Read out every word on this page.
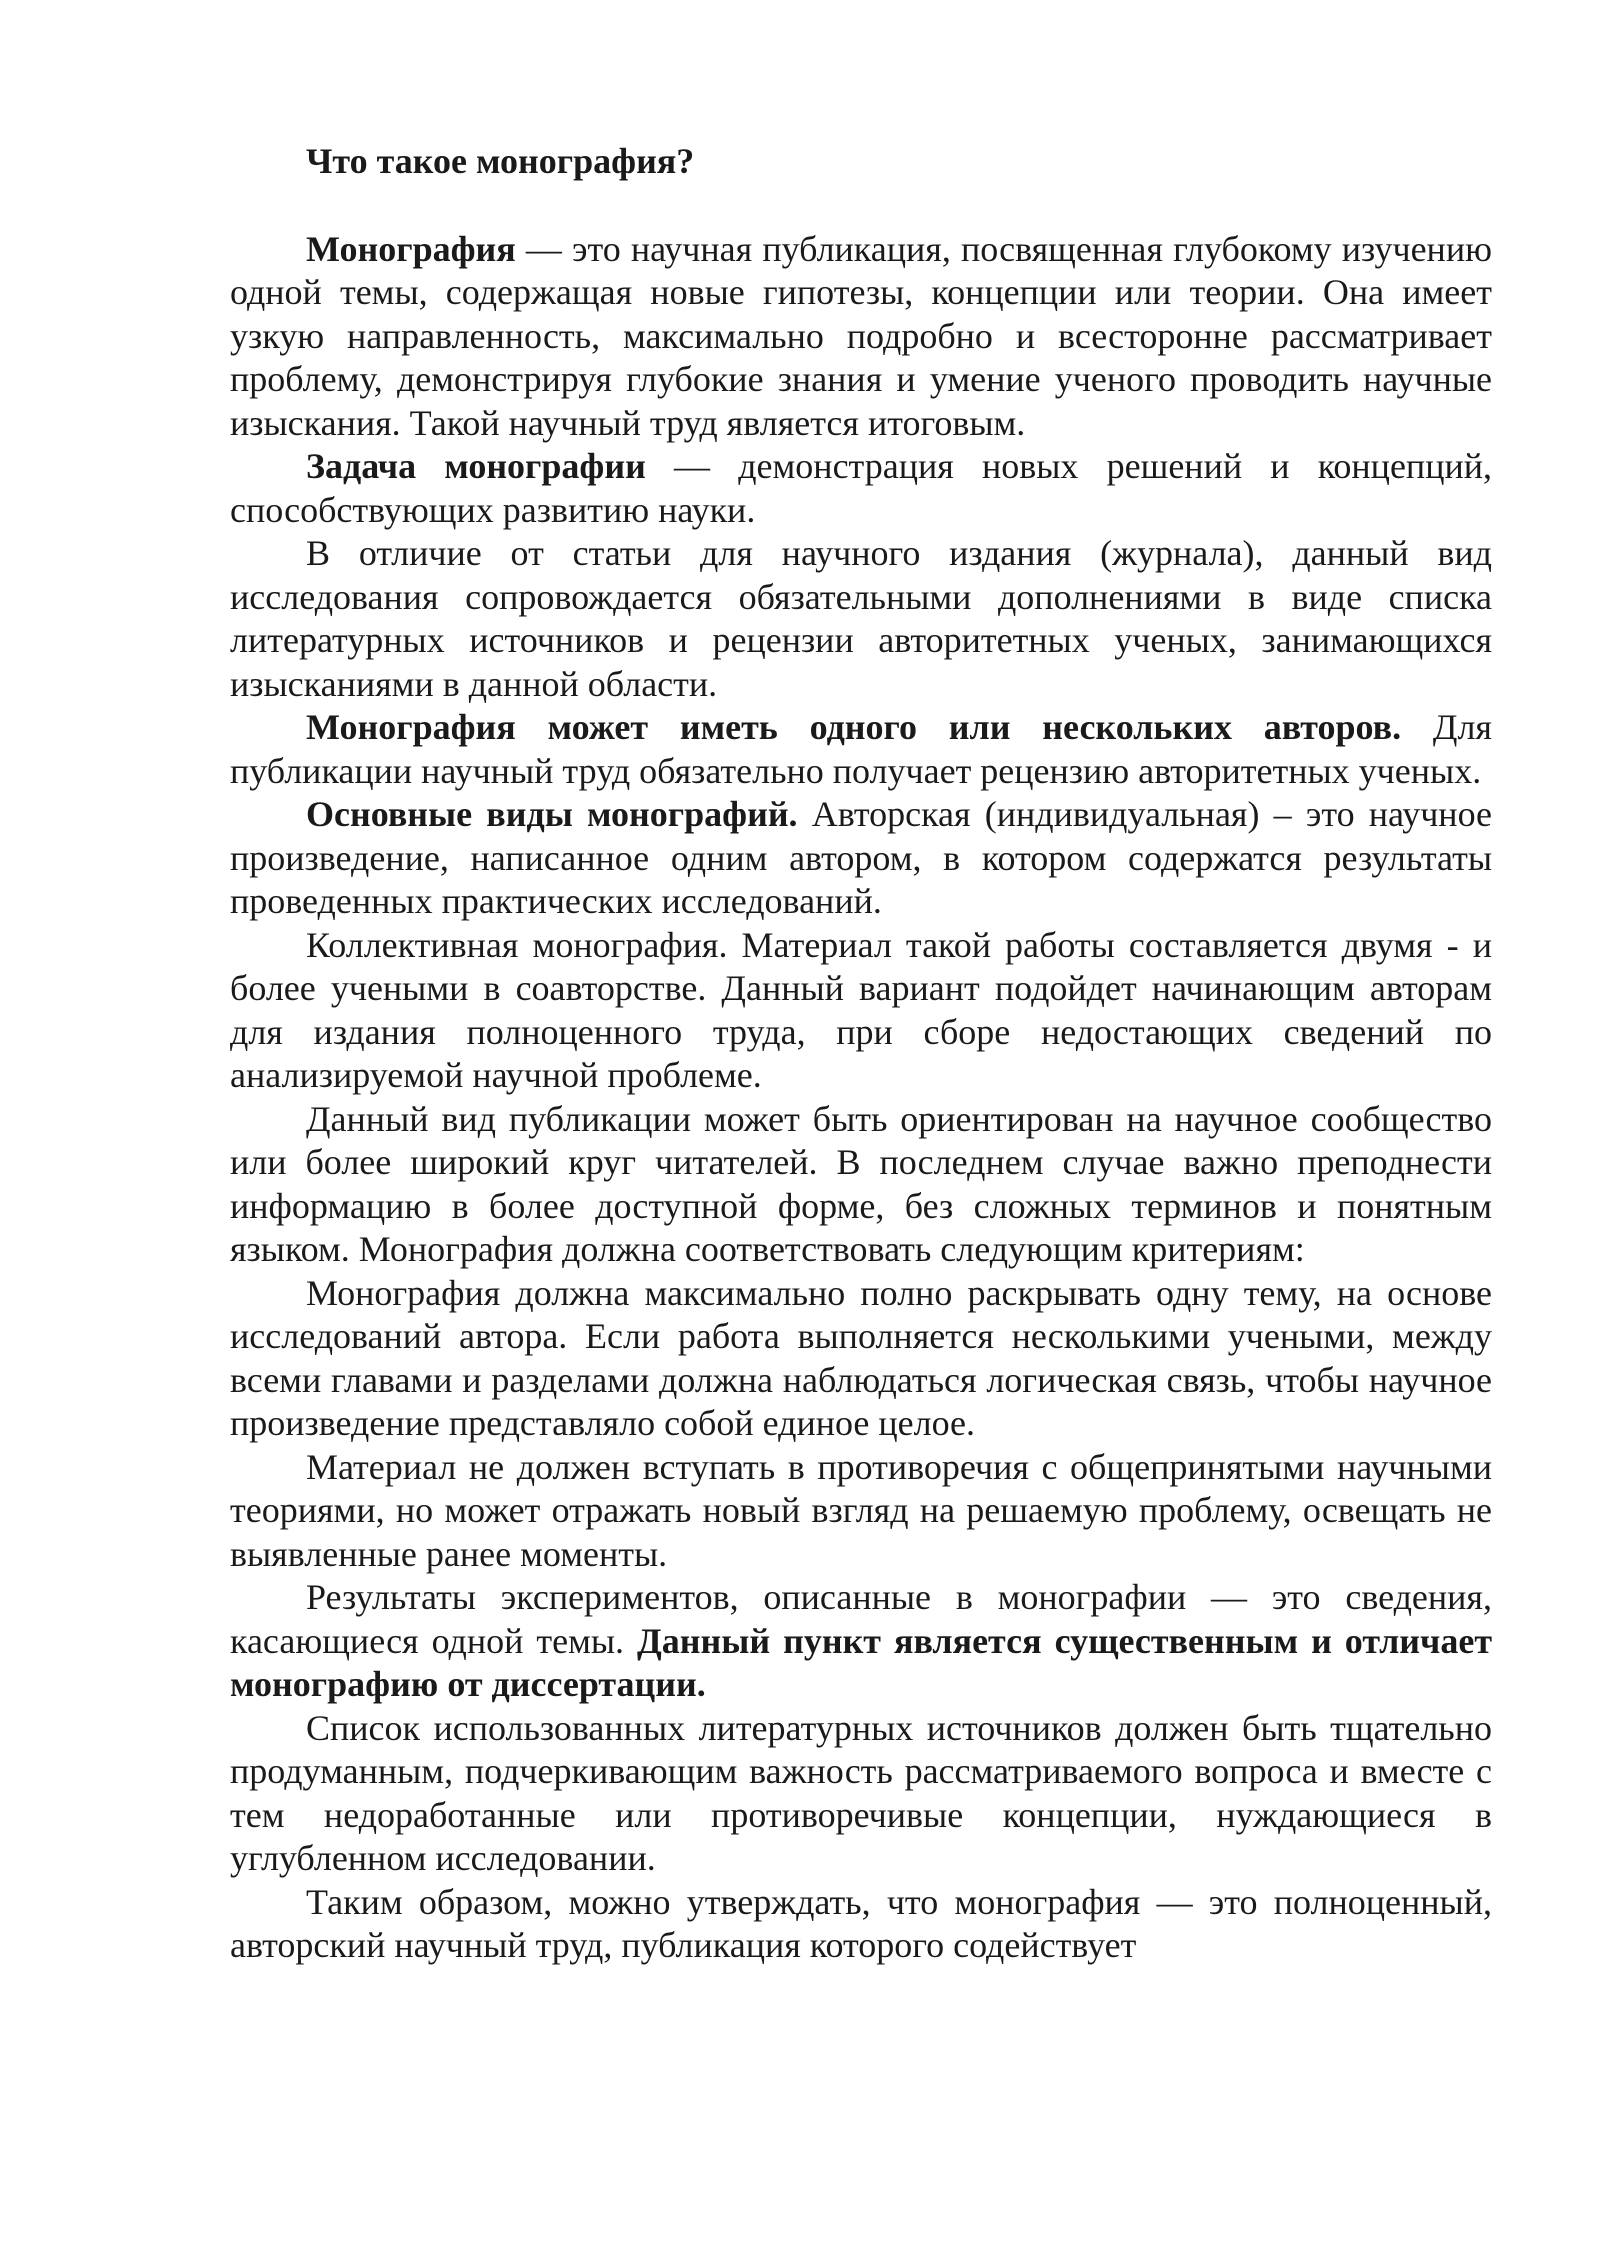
Что такое монография?

Монография — это научная публикация, посвященная глубокому изучению одной темы, содержащая новые гипотезы, концепции или теории. Она имеет узкую направленность, максимально подробно и всесторонне рассматривает проблему, демонстрируя глубокие знания и умение ученого проводить научные изыскания. Такой научный труд является итоговым.

Задача монографии — демонстрация новых решений и концепций, способствующих развитию науки.

В отличие от статьи для научного издания (журнала), данный вид исследования сопровождается обязательными дополнениями в виде списка литературных источников и рецензии авторитетных ученых, занимающихся изысканиями в данной области.

Монография может иметь одного или нескольких авторов. Для публикации научный труд обязательно получает рецензию авторитетных ученых.

Основные виды монографий. Авторская (индивидуальная) – это научное произведение, написанное одним автором, в котором содержатся результаты проведенных практических исследований.

Коллективная монография. Материал такой работы составляется двумя - и более учеными в соавторстве. Данный вариант подойдет начинающим авторам для издания полноценного труда, при сборе недостающих сведений по анализируемой научной проблеме.

Данный вид публикации может быть ориентирован на научное сообщество или более широкий круг читателей. В последнем случае важно преподнести информацию в более доступной форме, без сложных терминов и понятным языком. Монография должна соответствовать следующим критериям:

Монография должна максимально полно раскрывать одну тему, на основе исследований автора. Если работа выполняется несколькими учеными, между всеми главами и разделами должна наблюдаться логическая связь, чтобы научное произведение представляло собой единое целое.

Материал не должен вступать в противоречия с общепринятыми научными теориями, но может отражать новый взгляд на решаемую проблему, освещать не выявленные ранее моменты.

Результаты экспериментов, описанные в монографии — это сведения, касающиеся одной темы. Данный пункт является существенным и отличает монографию от диссертации.

Список использованных литературных источников должен быть тщательно продуманным, подчеркивающим важность рассматриваемого вопроса и вместе с тем недоработанные или противоречивые концепции, нуждающиеся в углубленном исследовании.

Таким образом, можно утверждать, что монография — это полноценный, авторский научный труд, публикация которого содействует
